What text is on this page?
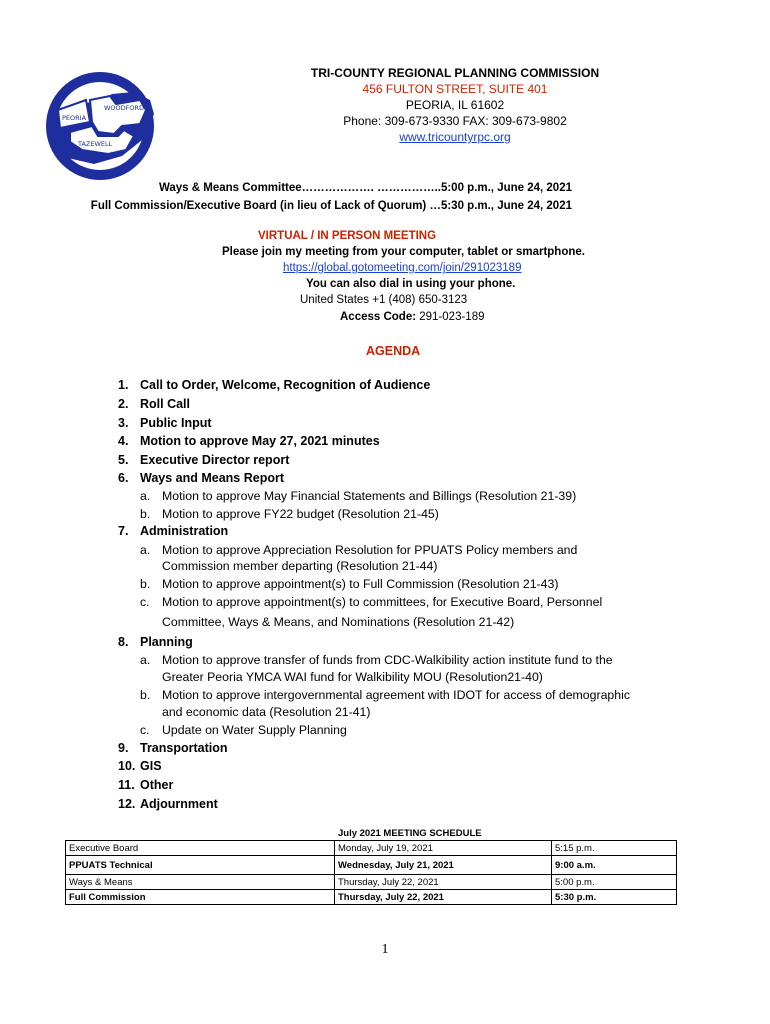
PEORIA
WOODFORD
TAZEWELL
TRI-COUNTY REGIONAL PLANNING COMMISSION
456 FULTON STREET, SUITE 401
PEORIA, IL 61602
Phone: 309-673-9330 FAX: 309-673-9802
www.tricountyrpc.org
Ways & Means Committee………………. ……………..5:00 p.m., June 24, 2021
Full Commission/Executive Board (in lieu of Lack of Quorum) …5:30 p.m., June 24, 2021
VIRTUAL / IN PERSON MEETING
Please join my meeting from your computer, tablet or smartphone.
https://global.gotomeeting.com/join/291023189
You can also dial in using your phone.
United States +1 (408) 650-3123
Access Code: 291-023-189
AGENDA
1. Call to Order, Welcome, Recognition of Audience
2. Roll Call
3. Public Input
4. Motion to approve May 27, 2021 minutes
5. Executive Director report
6. Ways and Means Report
a. Motion to approve May Financial Statements and Billings (Resolution 21-39)
b. Motion to approve FY22 budget (Resolution 21-45)
7. Administration
a. Motion to approve Appreciation Resolution for PPUATS Policy members and
Commission member departing (Resolution 21-44)
b. Motion to approve appointment(s) to Full Commission (Resolution 21-43)
c. Motion to approve appointment(s) to committees, for Executive Board, Personnel
Committee, Ways & Means, and Nominations (Resolution 21-42)
8. Planning
a. Motion to approve transfer of funds from CDC-Walkibility action institute fund to the
Greater Peoria YMCA WAI fund for Walkibility MOU (Resolution21-40)
b. Motion to approve intergovernmental agreement with IDOT for access of demographic
and economic data (Resolution 21-41)
c. Update on Water Supply Planning
9. Transportation
10. GIS
11. Other
12. Adjournment
July 2021 MEETING SCHEDULE
Executive Board	Monday, July 19, 2021	5:15 p.m.
PPUATS Technical	Wednesday, July 21, 2021	9:00 a.m.
Ways & Means	Thursday, July 22, 2021	5:00 p.m.
Full Commission	Thursday, July 22, 2021	5:30 p.m.
1
